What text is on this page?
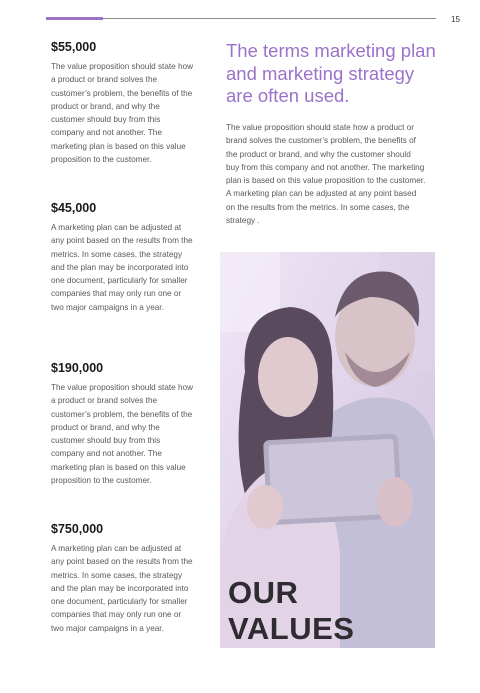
15

$55,000

The value proposition should state how a product or brand solves the customer’s problem, the benefits of the product or brand, and why the customer should buy from this company and not another. The marketing plan is based on this value proposition to the customer.

$45,000

A marketing plan can be adjusted at any point based on the results from the metrics. In some cases, the strategy and the plan may be incorporated into one document, particularly for smaller companies that may only run one or two major campaigns in a year.

$190,000

The value proposition should state how a product or brand solves the customer’s problem, the benefits of the product or brand, and why the customer should buy from this company and not another. The marketing plan is based on this value proposition to the customer.

$750,000

A marketing plan can be adjusted at any point based on the results from the metrics. In some cases, the strategy and the plan may be incorporated into one document, particularly for smaller companies that may only run one or two major campaigns in a year.

The terms marketing plan and marketing strategy are often used.

The value proposition should state how a product or brand solves the customer’s problem, the benefits of the product or brand, and why the customer should buy from this company and not another. The marketing plan is based on this value proposition to the customer. A marketing plan can be adjusted at any point based on the results from the metrics. In some cases, the strategy .

OUR
VALUES
